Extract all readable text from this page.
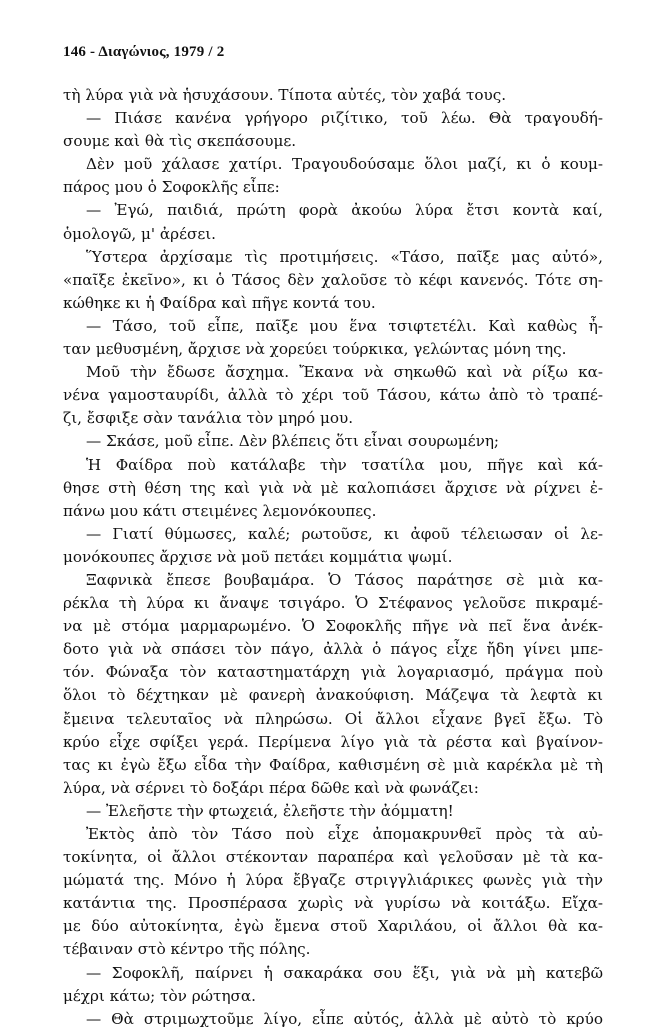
146 - Διαγώνιος, 1979 / 2
τὴ λύρα γιὰ νὰ ἡσυχάσουν. Τίποτα αὐτές, τὸν χαβά τους.
— Πιάσε κανένα γρήγορο ριζίτικο, τοῦ λέω. Θὰ τραγουδή-
σουμε καὶ θὰ τὶς σκεπάσουμε.
Δὲν μοῦ χάλασε χατίρι. Τραγουδούσαμε ὅλοι μαζί, κι ὁ κουμ-
πάρος μου ὁ Σοφοκλῆς εἶπε:
— Ἐγώ, παιδιά, πρώτη φορὰ ἀκούω λύρα ἔτσι κοντὰ καί,
ὁμολογῶ, μ' ἀρέσει.
Ὕστερα ἀρχίσαμε τὶς προτιμήσεις. «Τάσο, παῖξε μας αὐτό»,
«παῖξε ἐκεῖνο», κι ὁ Τάσος δὲν χαλοῦσε τὸ κέφι κανενός. Τότε ση-
κώθηκε κι ἡ Φαίδρα καὶ πῆγε κοντά του.
— Τάσο, τοῦ εἶπε, παῖξε μου ἕνα τσιφτετέλι. Καὶ καθὼς ἦ-
ταν μεθυσμένη, ἄρχισε νὰ χορεύει τούρκικα, γελώντας μόνη της.
Μοῦ τὴν ἔδωσε ἄσχημα. Ἔκανα νὰ σηκωθῶ καὶ νὰ ρίξω κα-
νένα γαμοσταυρίδι, ἀλλὰ τὸ χέρι τοῦ Τάσου, κάτω ἀπὸ τὸ τραπέ-
ζι, ἔσφιξε σὰν τανάλια τὸν μηρό μου.
— Σκάσε, μοῦ εἶπε. Δὲν βλέπεις ὅτι εἶναι σουρωμένη;
Ἡ Φαίδρα ποὺ κατάλαβε τὴν τσατίλα μου, πῆγε καὶ κά-
θησε στὴ θέση της καὶ γιὰ νὰ μὲ καλοπιάσει ἄρχισε νὰ ρίχνει ἐ-
πάνω μου κάτι στειμένες λεμονόκουπες.
— Γιατί θύμωσες, καλέ; ρωτοῦσε, κι ἀφοῦ τέλειωσαν οἱ λε-
μονόκουπες ἄρχισε νὰ μοῦ πετάει κομμάτια ψωμί.
Ξαφνικὰ ἔπεσε βουβαμάρα. Ὁ Τάσος παράτησε σὲ μιὰ κα-
ρέκλα τὴ λύρα κι ἄναψε τσιγάρο. Ὁ Στέφανος γελοῦσε πικραμέ-
να μὲ στόμα μαρμαρωμένο. Ὁ Σοφοκλῆς πῆγε νὰ πεῖ ἕνα ἀνέκ-
δοτο γιὰ νὰ σπάσει τὸν πάγο, ἀλλὰ ὁ πάγος εἶχε ἤδη γίνει μπε-
τόν. Φώναξα τὸν καταστηματάρχη γιὰ λογαριασμό, πράγμα ποὺ
ὅλοι τὸ δέχτηκαν μὲ φανερὴ ἀνακούφιση. Μάζεψα τὰ λεφτὰ κι
ἔμεινα τελευταῖος νὰ πληρώσω. Οἱ ἄλλοι εἶχανε βγεῖ ἔξω. Τὸ
κρύο εἶχε σφίξει γερά. Περίμενα λίγο γιὰ τὰ ρέστα καὶ βγαίνον-
τας κι ἐγὼ ἔξω εἶδα τὴν Φαίδρα, καθισμένη σὲ μιὰ καρέκλα μὲ τὴ
λύρα, νὰ σέρνει τὸ δοξάρι πέρα δῶθε καὶ νὰ φωνάζει:
— Ἐλεῆστε τὴν φτωχειά, ἐλεῆστε τὴν ἀόμματη!
Ἐκτὸς ἀπὸ τὸν Τάσο ποὺ εἶχε ἀπομακρυνθεῖ πρὸς τὰ αὐ-
τοκίνητα, οἱ ἄλλοι στέκονταν παραπέρα καὶ γελοῦσαν μὲ τὰ κα-
μώματά της. Μόνο ἡ λύρα ἔβγαζε στριγγλιάρικες φωνὲς γιὰ τὴν
κατάντια της. Προσπέρασα χωρὶς νὰ γυρίσω νὰ κοιτάξω. Εἴχα-
με δύο αὐτοκίνητα, ἐγὼ ἔμενα στοῦ Χαριλάου, οἱ ἄλλοι θὰ κα-
τέβαιναν στὸ κέντρο τῆς πόλης.
— Σοφοκλῆ, παίρνει ἡ σακαράκα σου ἕξι, γιὰ νὰ μὴ κατεβῶ
μέχρι κάτω; τὸν ρώτησα.
— Θὰ στριμωχτοῦμε λίγο, εἶπε αὐτός, ἀλλὰ μὲ αὐτὸ τὸ κρύο
